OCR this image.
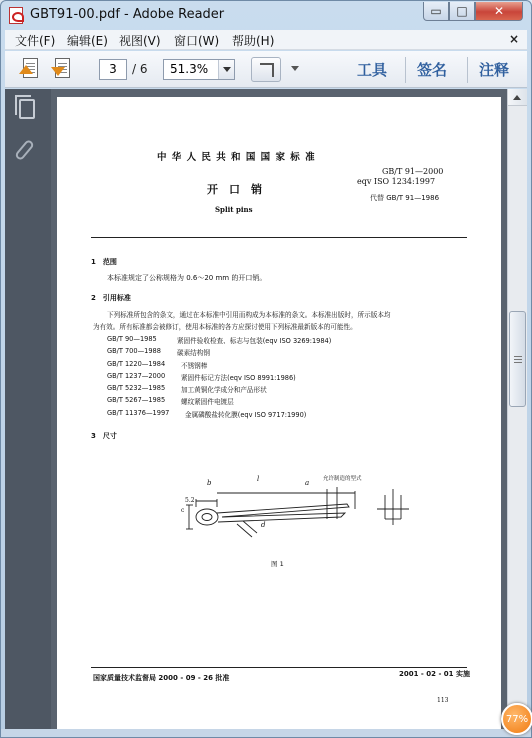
GBT91-00.pdf - Adobe Reader	▭	□	✕
文件(F) 编辑(E) 视图(V) 窗口(W) 帮助(H)	×
3	/ 6	51.3%	工具 签名 注释
中 华 人 民 共 和 国 国 家 标 准
GB/T 91—2000
eqv ISO 1234:1997
开　口　销
代替 GB/T 91—1986
Split pins
1　范围
本标准规定了公称规格为 0.6～20 mm 的开口销。
2　引用标准
下列标准所包含的条文，通过在本标准中引用而构成为本标准的条文。本标准出版时，所示版本均
为有效。所有标准都会被修订，使用本标准的各方应探讨使用下列标准最新版本的可能性。
GB/T 90—1985	紧固件验收检查、标志与包装(eqv ISO 3269:1984)
GB/T 700—1988 碳素结构钢
GB/T 1220—1984 不锈钢棒
GB/T 1237—2000 紧固件标记方法(eqv ISO 8991:1986)
GB/T 5232—1985 加工黄铜化学成分和产品形状
GB/T 5267—1985 螺纹紧固件电镀层
GB/T 11376—1997 金属磷酸盐转化膜(eqv ISO 9717:1990)
3　尺寸
允许制造的型式
b	l	a
d
c
5.2
图 1
国家质量技术监督局 2000 - 09 - 26 批准	2001 - 02 - 01 实施
113
77%
